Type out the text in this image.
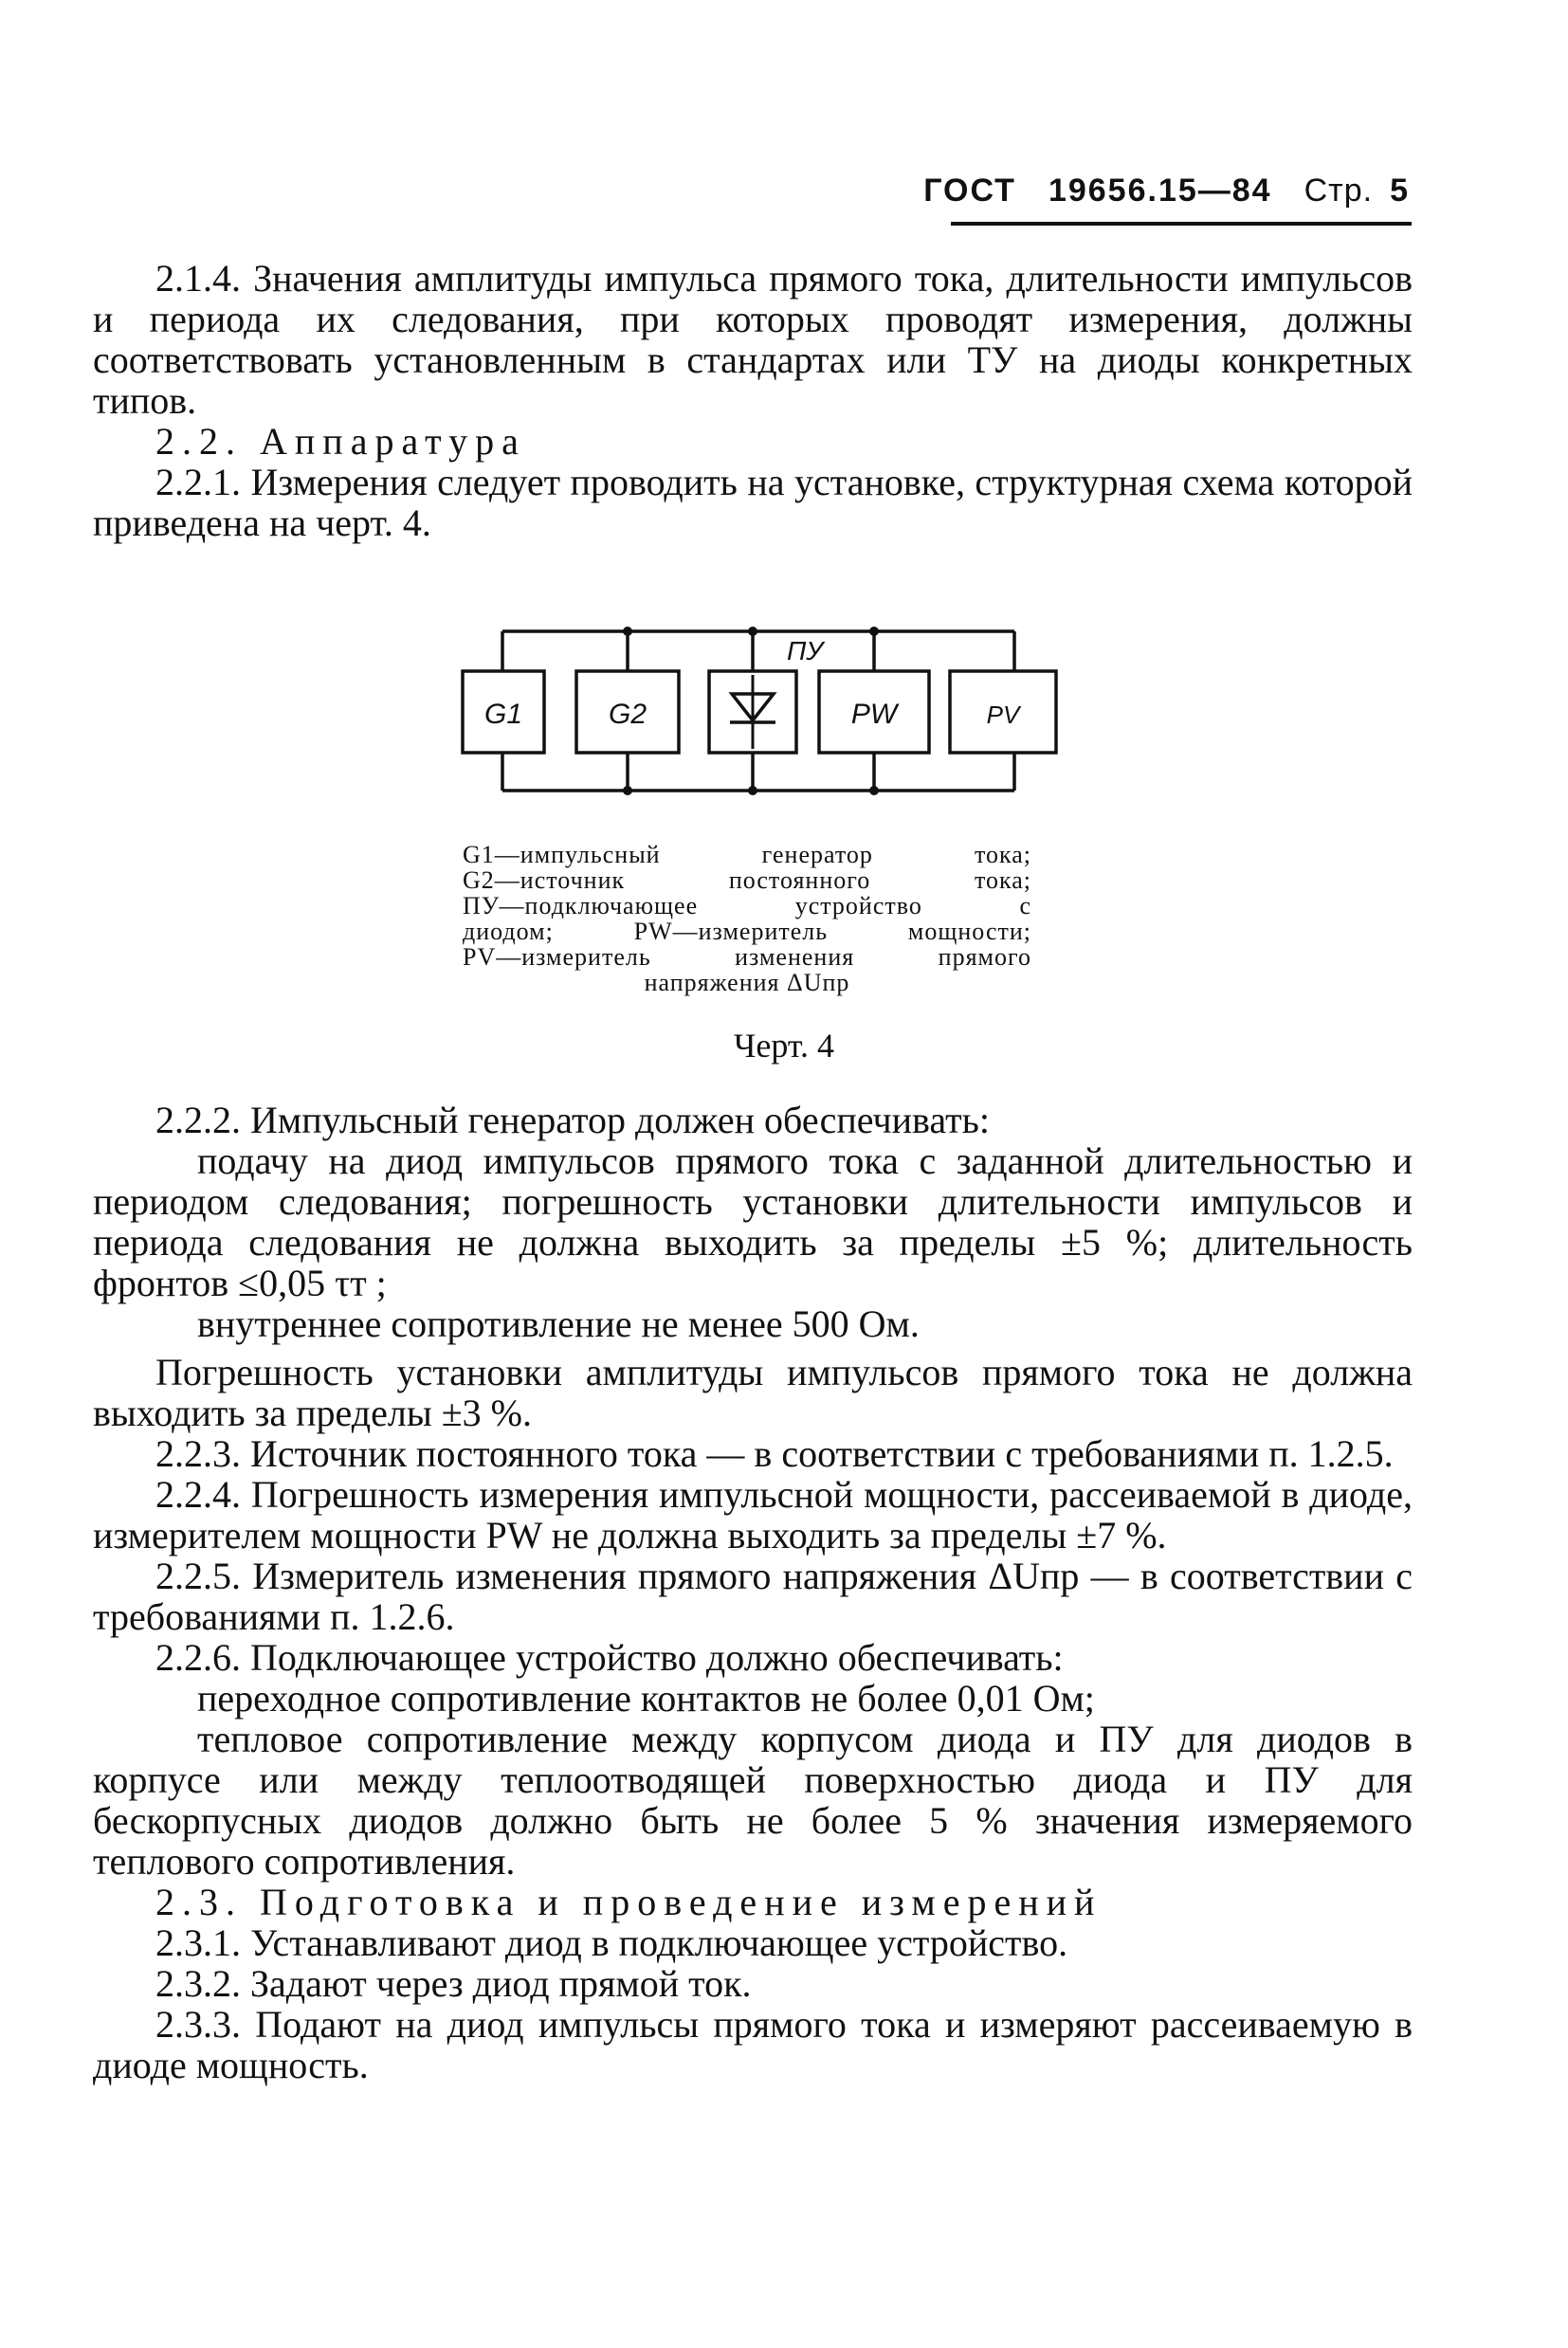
ГОСТ 19656.15—84 Стр. 5

2.1.4. Значения амплитуды импульса прямого тока, длительности импульсов и периода их следования, при которых проводят измерения, должны соответствовать установленным в стандартах или ТУ на диоды конкретных типов.

2.2. Аппаратура

2.2.1. Измерения следует проводить на установке, структурная схема которой приведена на черт. 4.

G1	G2	PW	PV
ПУ

G1—импульсный генератор тока;

G2—источник постоянного тока;

ПУ—подключающее устройство с

диодом; PW—измеритель мощности;

PV—измеритель изменения прямого

напряжения ΔUпр

Черт. 4

2.2.2. Импульсный генератор должен обеспечивать:

подачу на диод импульсов прямого тока с заданной длительностью и периодом следования; погрешность установки длительности импульсов и периода следования не должна выходить за пределы ±5 %; длительность фронтов ≤0,05 τт ;

внутреннее сопротивление не менее 500 Ом.

Погрешность установки амплитуды импульсов прямого тока не должна выходить за пределы ±3 %.

2.2.3. Источник постоянного тока — в соответствии с требованиями п. 1.2.5.

2.2.4. Погрешность измерения импульсной мощности, рассеиваемой в диоде, измерителем мощности PW не должна выходить за пределы ±7 %.

2.2.5. Измеритель изменения прямого напряжения ΔUпр — в соответствии с требованиями п. 1.2.6.

2.2.6. Подключающее устройство должно обеспечивать:

переходное сопротивление контактов не более 0,01 Ом;

тепловое сопротивление между корпусом диода и ПУ для диодов в корпусе или между теплоотводящей поверхностью диода и ПУ для бескорпусных диодов должно быть не более 5 % значения измеряемого теплового сопротивления.

2.3. Подготовка и проведение измерений

2.3.1. Устанавливают диод в подключающее устройство.

2.3.2. Задают через диод прямой ток.

2.3.3. Подают на диод импульсы прямого тока и измеряют рассеиваемую в диоде мощность.
